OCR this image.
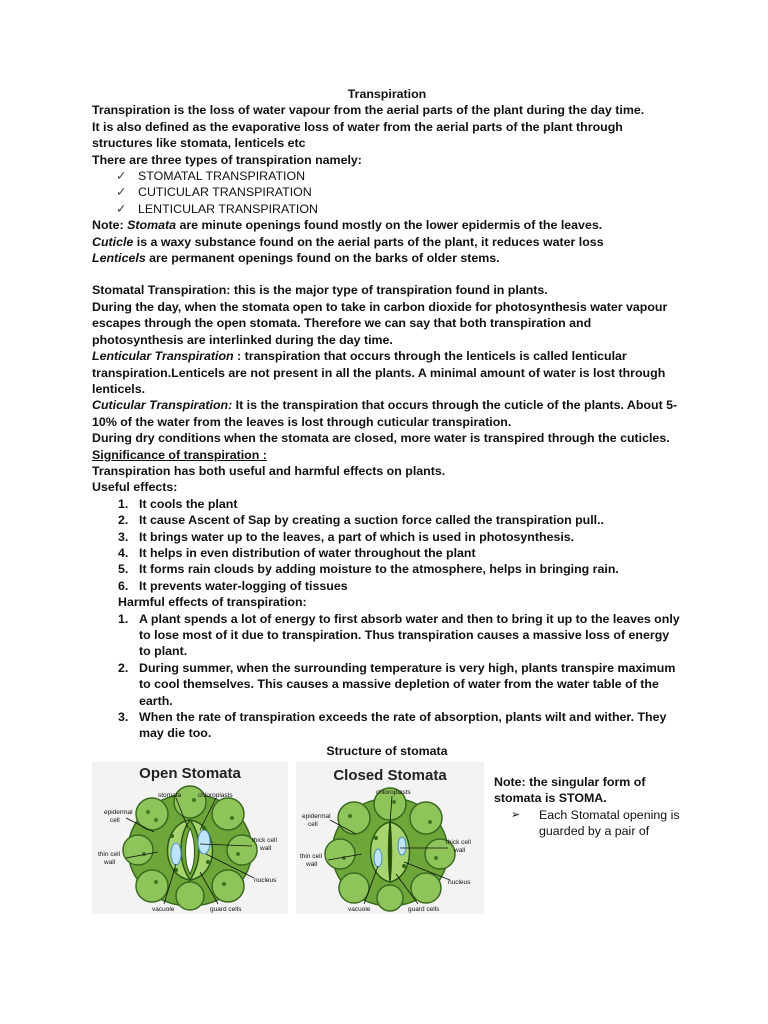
Transpiration

Transpiration is the loss of water vapour from the aerial parts of the plant during the day time.

It is also defined as the evaporative loss of water from the aerial parts of the plant through structures like stomata, lenticels etc

There are three types of transpiration namely:

✓ STOMATAL TRANSPIRATION
✓ CUTICULAR TRANSPIRATION
✓ LENTICULAR TRANSPIRATION

Note: Stomata are minute openings found mostly on the lower epidermis of the leaves.

Cuticle is a waxy substance found on the aerial parts of the plant, it reduces water loss

Lenticels are permanent openings found on the barks of older stems.

Stomatal Transpiration: this is the major type of transpiration found in plants.

During the day, when the stomata open to take in carbon dioxide for photosynthesis water vapour escapes through the open stomata. Therefore we can say that both transpiration and photosynthesis are interlinked during the day time.

Lenticular Transpiration : transpiration that occurs through the lenticels is called lenticular transpiration.Lenticels are not present in all the plants. A minimal amount of water is lost through lenticels.

Cuticular Transpiration: It is the transpiration that occurs through the cuticle of the plants. About 5-10% of the water from the leaves is lost through cuticular transpiration.

During dry conditions when the stomata are closed, more water is transpired through the cuticles.

Significance of transpiration :

Transpiration has both useful and harmful effects on plants.

Useful effects:

1. It cools the plant
2. It cause Ascent of Sap by creating a suction force called the transpiration pull..
3. It brings water up to the leaves, a part of which is used in photosynthesis.
4. It helps in even distribution of water throughout the plant
5. It forms rain clouds by adding moisture to the atmosphere, helps in bringing rain.
6. It prevents water-logging of tissues

Harmful effects of transpiration:

1. A plant spends a lot of energy to first absorb water and then to bring it up to the leaves only to lose most of it due to transpiration. Thus transpiration causes a massive loss of energy to plant.
2. During summer, when the surrounding temperature is very high, plants transpire maximum to cool themselves. This causes a massive depletion of water from the water table of the earth.
3. When the rate of transpiration exceeds the rate of absorption, plants wilt and wither. They may die too.

Structure of stomata

Open Stomata
stomata	chloroplasts
epidermal
cell
thin cell
wall
thick cell
wall
nucleus
vacuole	guard cells
Closed Stomata
chloroplasts
epidermal
cell
thin cell
wall
thick cell
wall
nucleus
vacuole	guard cells

Note: the singular form of stomata is STOMA.

➢	Each Stomatal opening is guarded by a pair of
